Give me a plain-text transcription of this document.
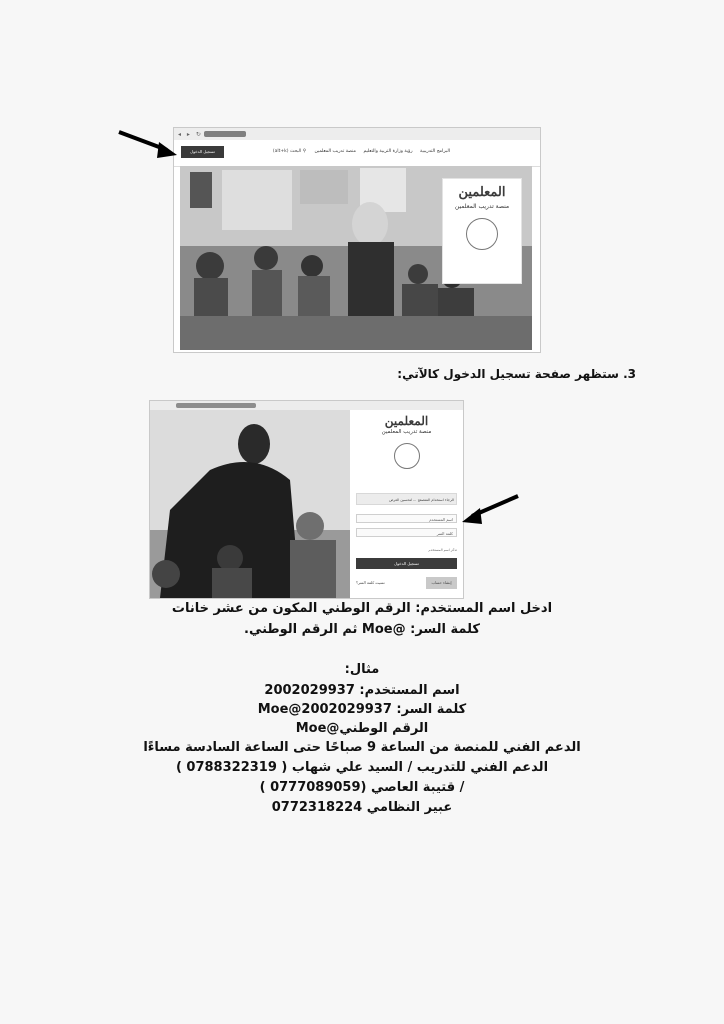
◂ ▸ ↻
تسجيل الدخول	⚲ البحث (alt+k)	البرامج التدريبية رؤية وزارة التربية والتعليم منصة تدريب المعلمين
المعلمين
منصة تدريب المعلمين
3. ستظهر صفحة تسجيل الدخول كالآتي:
المعلمين
منصة تدريب المعلمين
الرجاء استخدام المتصفح ... لتحسين العرض
اسم المستخدم
كلمة السر
تذكر اسم المستخدم
تسجيل الدخول
إنشاء حساب
نسيت كلمة السر؟
ادخل اسم المستخدم: الرقم الوطني المكون من عشر خانات
كلمة السر: @Moe ثم الرقم الوطني.
مثال:
اسم المستخدم: 2002029937
كلمة السر: Moe@2002029937
الرقم الوطني@Moe
الدعم الفني للمنصة من الساعة 9 صباحًا حتى الساعة السادسة مساءًا
الدعم الفني للتدريب / السيد علي شهاب ( 0788322319 )
/ قتيبة العاصي (0777089059 )
عبير النظامي 0772318224
